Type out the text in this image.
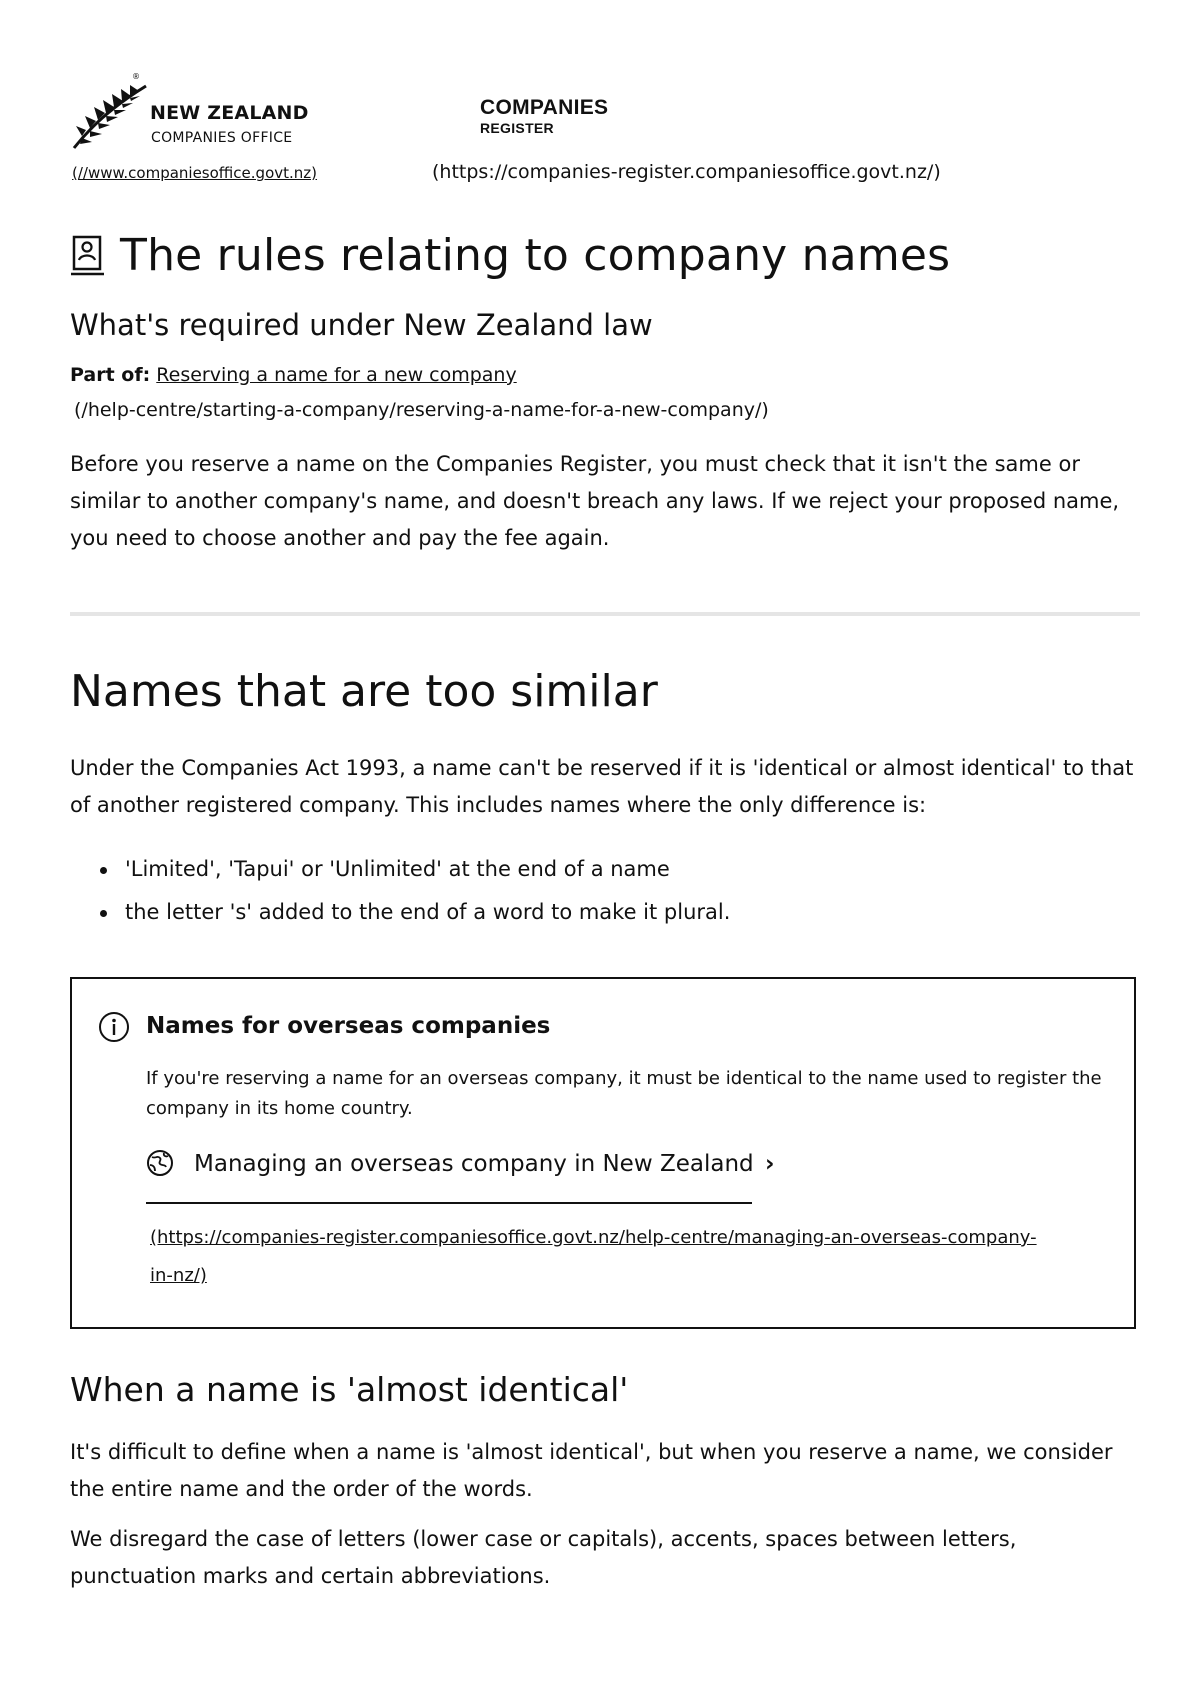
®
NEW ZEALAND
COMPANIES OFFICE
COMPANIES
REGISTER
(//www.companiesoffice.govt.nz)	(https://companies-register.companiesoffice.govt.nz/)
The rules relating to company names
What's required under New Zealand law
Part of: Reserving a name for a new company
(/help-centre/starting-a-company/reserving-a-name-for-a-new-company/)

Before you reserve a name on the Companies Register, you must check that it isn't the same or similar to another company's name, and doesn't breach any laws. If we reject your proposed name, you need to choose another and pay the fee again.

Names that are too similar

Under the Companies Act 1993, a name can't be reserved if it is 'identical or almost identical' to that of another registered company. This includes names where the only difference is:

'Limited', 'Tapui' or 'Unlimited' at the end of a name
the letter 's' added to the end of a word to make it plural.
Names for overseas companies

If you're reserving a name for an overseas company, it must be identical to the name used to register the company in its home country.

Managing an overseas company in New Zealand ›
(https://companies-register.companiesoffice.govt.nz/help-centre/managing-an-overseas-company-in-nz/)
When a name is 'almost identical'

It's difficult to define when a name is 'almost identical', but when you reserve a name, we consider the entire name and the order of the words.

We disregard the case of letters (lower case or capitals), accents, spaces between letters, punctuation marks and certain abbreviations.
